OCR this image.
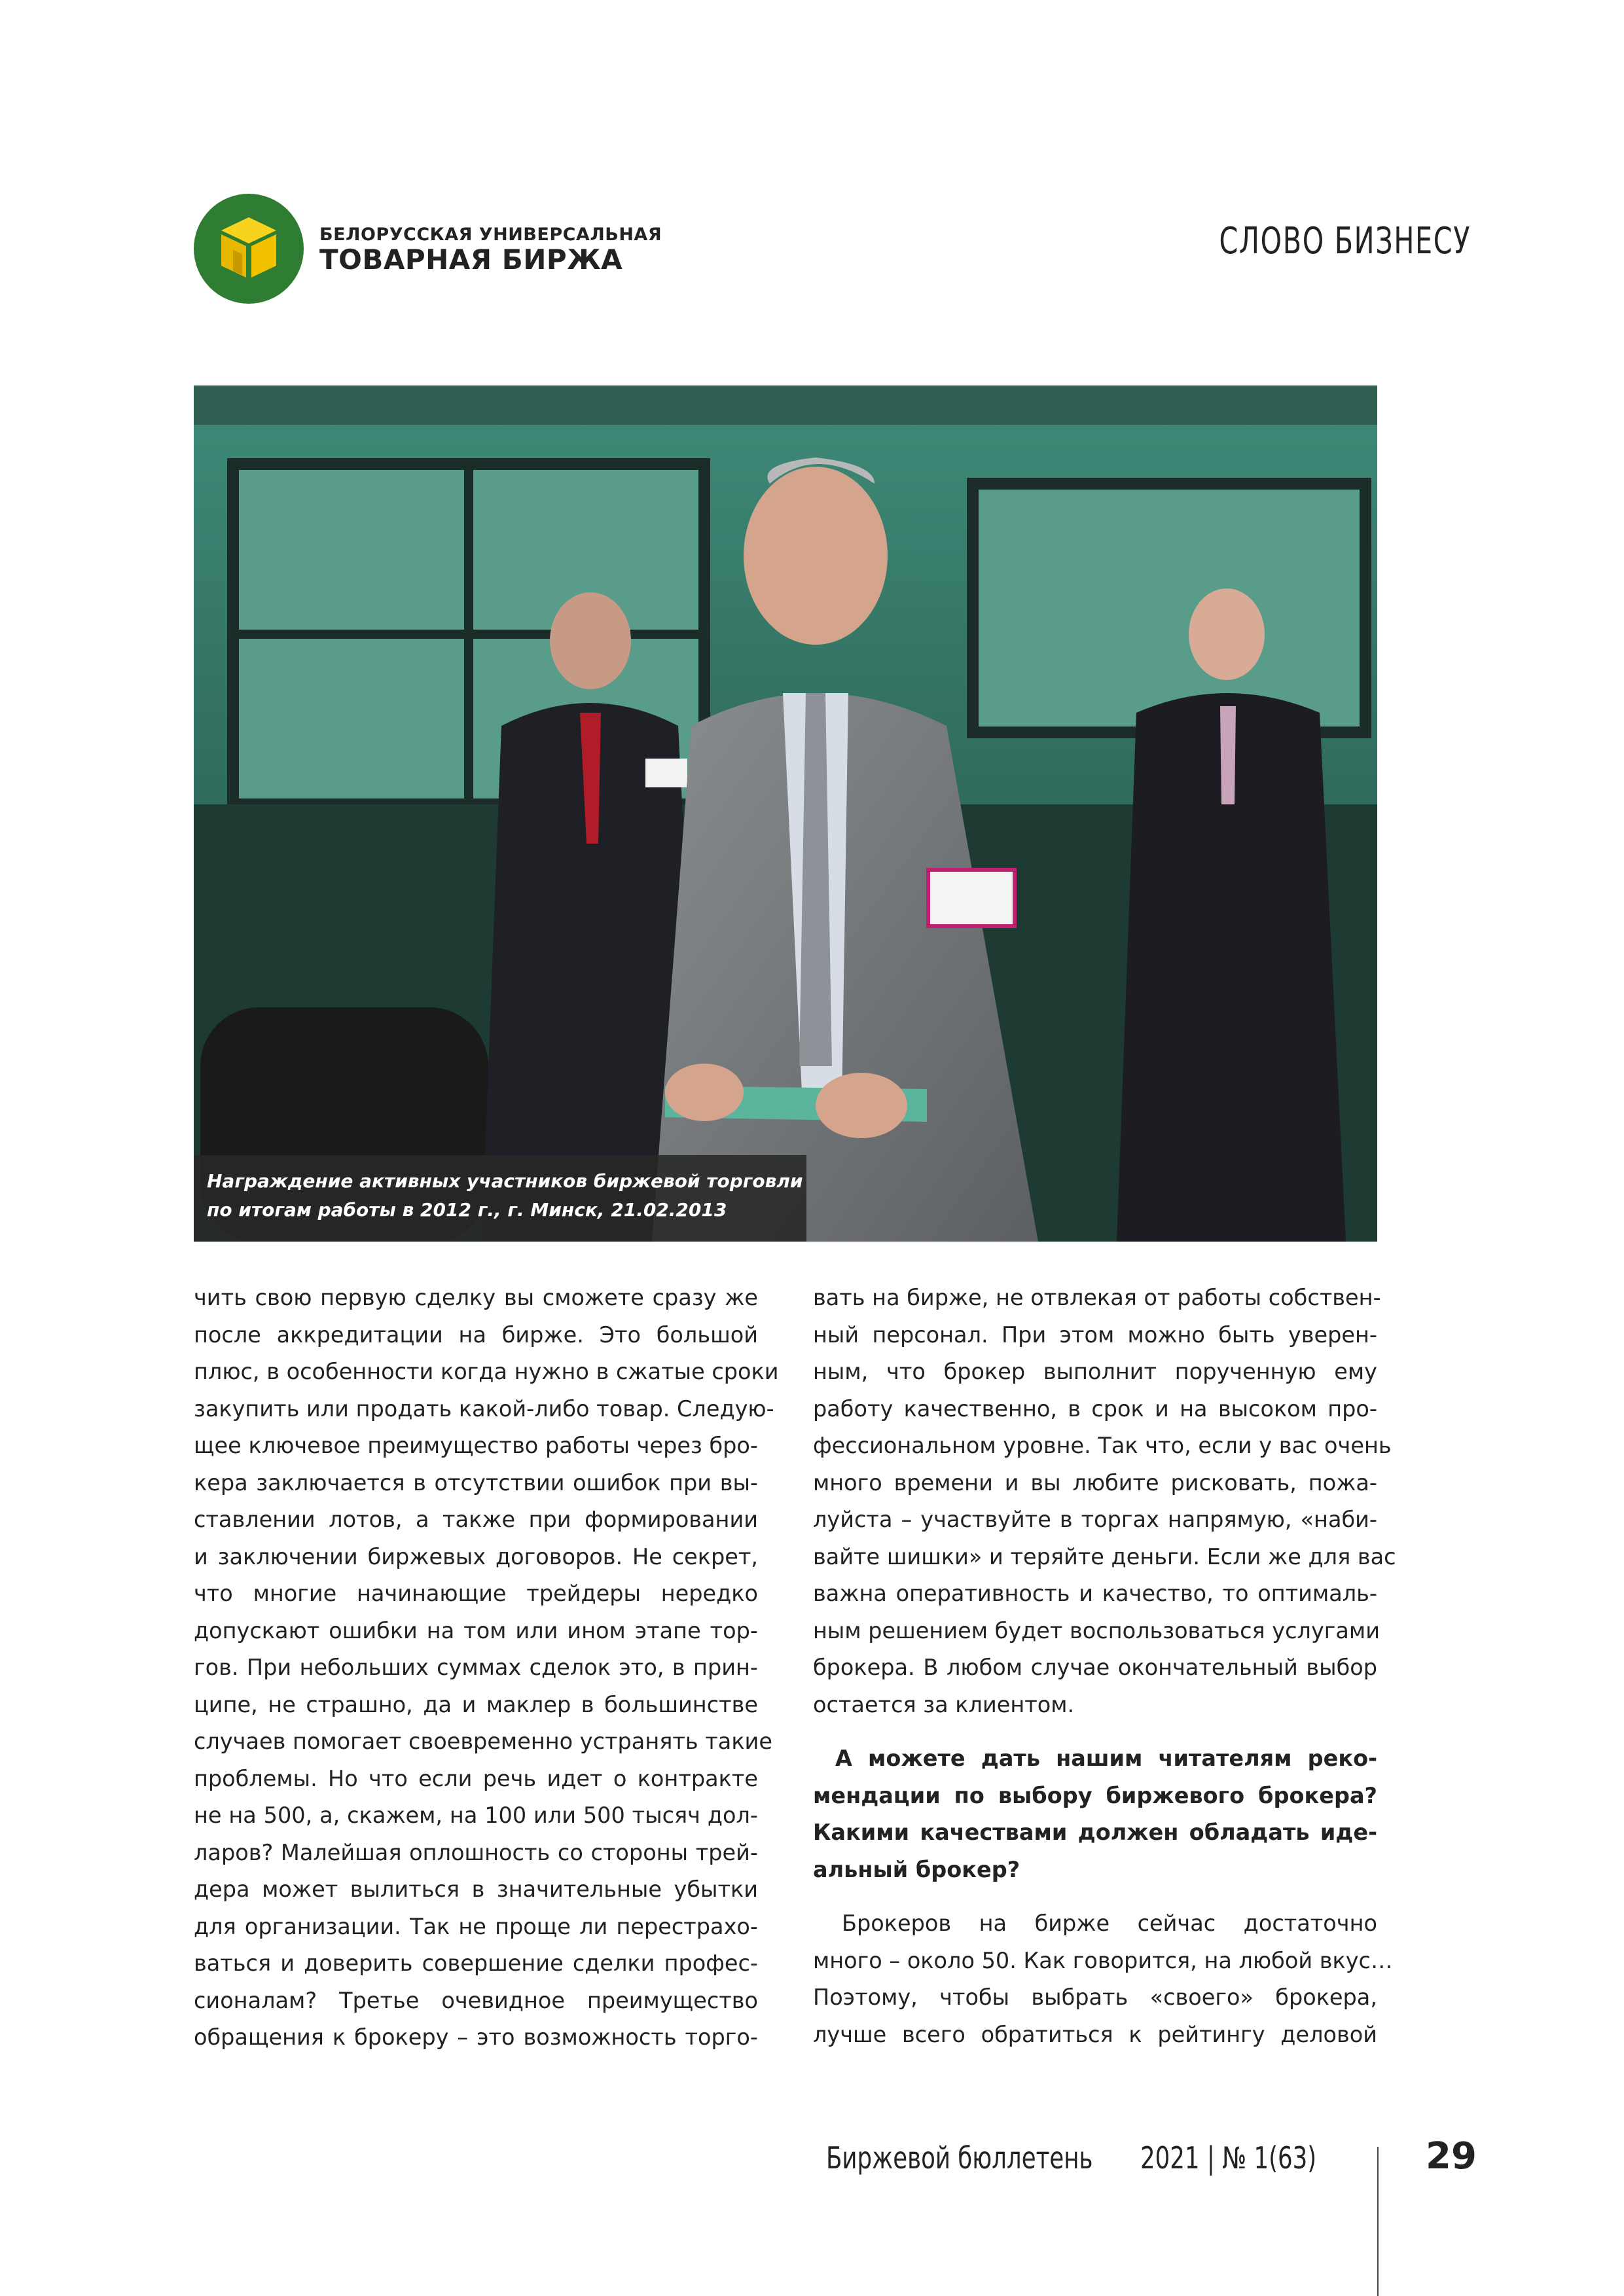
БЕЛОРУССКАЯ УНИВЕРСАЛЬНАЯ
ТОВАРНАЯ БИРЖА	СЛОВО БИЗНЕСУ
Награждение активных участников биржевой торговли
по итогам работы в 2012 г., г. Минск, 21.02.2013

чить свою первую сделку вы сможете сразу же
после аккредитации на бирже. Это большой
плюс, в особенности когда нужно в сжатые сроки
закупить или продать какой-либо товар. Следую-
щее ключевое преимущество работы через бро-
кера заключается в отсутствии ошибок при вы-
ставлении лотов, а также при формировании
и заключении биржевых договоров. Не секрет,
что многие начинающие трейдеры нередко
допускают ошибки на том или ином этапе тор-
гов. При небольших суммах сделок это, в прин-
ципе, не страшно, да и маклер в большинстве
случаев помогает своевременно устранять такие
проблемы. Но что если речь идет о контракте
не на 500, а, скажем, на 100 или 500 тысяч дол-
ларов? Малейшая оплошность со стороны трей-
дера может вылиться в значительные убытки
для организации. Так не проще ли перестрахо-
ваться и доверить совершение сделки профес-
сионалам? Третье очевидное преимущество
обращения к брокеру – это возможность торго-

вать на бирже, не отвлекая от работы собствен-
ный персонал. При этом можно быть уверен-
ным, что брокер выполнит порученную ему
работу качественно, в срок и на высоком про-
фессиональном уровне. Так что, если у вас очень
много времени и вы любите рисковать, пожа-
луйста – участвуйте в торгах напрямую, «наби-
вайте шишки» и теряйте деньги. Если же для вас
важна оперативность и качество, то оптималь-
ным решением будет воспользоваться услугами
брокера. В любом случае окончательный выбор
остается за клиентом.

А можете дать нашим читателям реко-

мендации по выбору биржевого брокера?
Какими качествами должен обладать иде-
альный брокер?

Брокеров на бирже сейчас достаточно
много – около 50. Как говорится, на любой вкус…
Поэтому, чтобы выбрать «своего» брокера,
лучше всего обратиться к рейтингу деловой

Биржевой бюллетень 2021 | № 1(63)	29
